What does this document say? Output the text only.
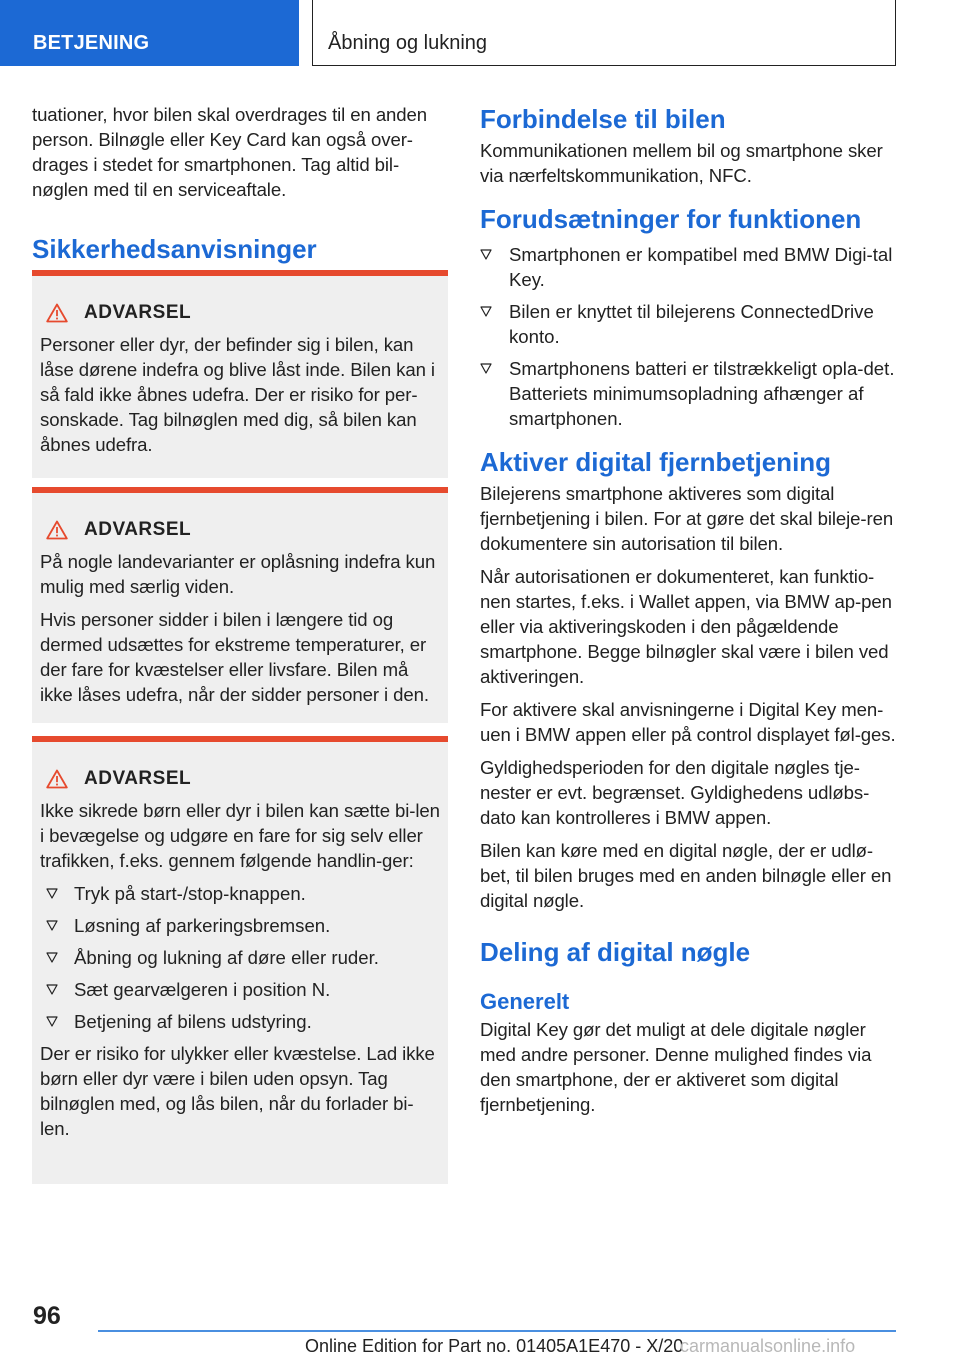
BETJENING	Åbning og lukning

tuationer, hvor bilen skal overdrages til en anden person. Bilnøgle eller Key Card kan også over-drages i stedet for smartphonen. Tag altid bil-nøglen med til en serviceaftale.

Sikkerhedsanvisninger
ADVARSEL

Personer eller dyr, der befinder sig i bilen, kan låse dørene indefra og blive låst inde. Bilen kan i så fald ikke åbnes udefra. Der er risiko for per-sonskade. Tag bilnøglen med dig, så bilen kan åbnes udefra.

ADVARSEL

På nogle landevarianter er oplåsning indefra kun mulig med særlig viden.

Hvis personer sidder i bilen i længere tid og dermed udsættes for ekstreme temperaturer, er der fare for kvæstelser eller livsfare. Bilen må ikke låses udefra, når der sidder personer i den.

ADVARSEL

Ikke sikrede børn eller dyr i bilen kan sætte bi-len i bevægelse og udgøre en fare for sig selv eller trafikken, f.eks. gennem følgende handlin-ger:

Tryk på start-/stop-knappen.
Løsning af parkeringsbremsen.
Åbning og lukning af døre eller ruder.
Sæt gearvælgeren i position N.
Betjening af bilens udstyring.

Der er risiko for ulykker eller kvæstelse. Lad ikke børn eller dyr være i bilen uden opsyn. Tag bilnøglen med, og lås bilen, når du forlader bi-len.

Forbindelse til bilen

Kommunikationen mellem bil og smartphone sker via nærfeltskommunikation, NFC.

Forudsætninger for funktionen
Smartphonen er kompatibel med BMW Digi-tal Key.
Bilen er knyttet til bilejerens ConnectedDrive konto.
Smartphonens batteri er tilstrækkeligt opla-det. Batteriets minimumsopladning afhænger af smartphonen.
Aktiver digital fjernbetjening

Bilejerens smartphone aktiveres som digital fjernbetjening i bilen. For at gøre det skal bileje-ren dokumentere sin autorisation til bilen.

Når autorisationen er dokumenteret, kan funktio-nen startes, f.eks. i Wallet appen, via BMW ap-pen eller via aktiveringskoden i den pågældende smartphone. Begge bilnøgler skal være i bilen ved aktiveringen.

For aktivere skal anvisningerne i Digital Key men-uen i BMW appen eller på control displayet føl-ges.

Gyldighedsperioden for den digitale nøgles tje-nester er evt. begrænset. Gyldighedens udløbs-dato kan kontrolleres i BMW appen.

Bilen kan køre med en digital nøgle, der er udlø-bet, til bilen bruges med en anden bilnøgle eller en digital nøgle.

Deling af digital nøgle
Generelt

Digital Key gør det muligt at dele digitale nøgler med andre personer. Denne mulighed findes via den smartphone, der er aktiveret som digital fjernbetjening.

96
Online Edition for Part no. 01405A1E470 - X/20
carmanualsonline.info
